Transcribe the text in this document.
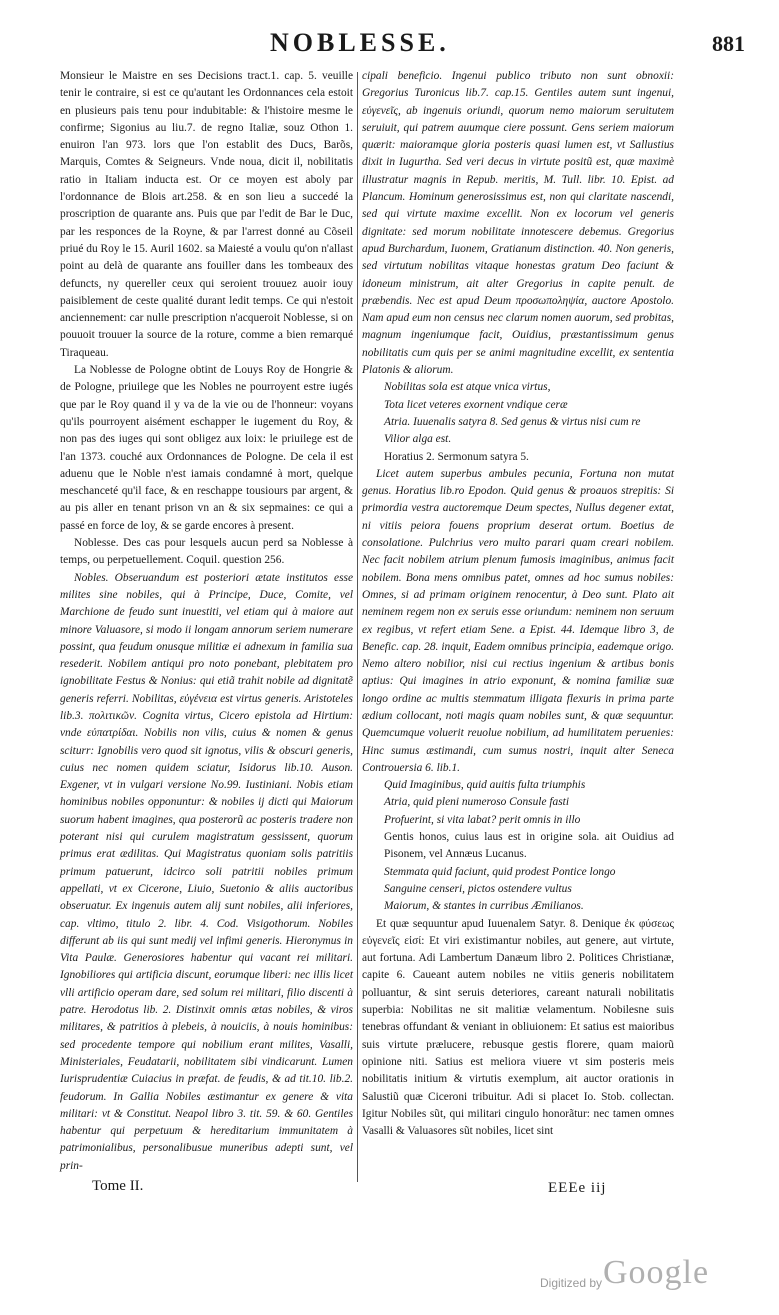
NOBLESSE.	881

Monsieur le Maistre en ses Decisions tract.1. cap. 5. veuille tenir le contraire, si est ce qu'autant les Ordonnances cela estoit en plusieurs pais tenu pour indubitable: & l'histoire mesme le confirme; Sigonius au liu.7. de regno Italiæ, souz Othon 1. enuiron l'an 973. lors que l'on establit des Ducs, Barõs, Marquis, Comtes & Seigneurs. Vnde noua, dicit il, nobilitatis ratio in Italiam inducta est. Or ce moyen est aboly par l'ordonnance de Blois art.258. & en son lieu a succedé la proscription de quarante ans. Puis que par l'edit de Bar le Duc, par les responces de la Royne, & par l'arrest donné au Cõseil priué du Roy le 15. Auril 1602. sa Maiesté a voulu qu'on n'allast point au delà de quarante ans fouiller dans les tombeaux des defuncts, ny quereller ceux qui seroient trouuez auoir iouy paisiblement de ceste qualité durant ledit temps. Ce qui n'estoit anciennement: car nulle prescription n'acqueroit Noblesse, si on pouuoit trouuer la source de la roture, comme a bien remarqué Tiraqueau.

La Noblesse de Pologne obtint de Louys Roy de Hongrie & de Pologne, priuilege que les Nobles ne pourroyent estre iugés que par le Roy quand il y va de la vie ou de l'honneur: voyans qu'ils pourroyent aisément eschapper le iugement du Roy, & non pas des iuges qui sont obligez aux loix: le priuilege est de l'an 1373. couché aux Ordonnances de Pologne. De cela il est aduenu que le Noble n'est iamais condamné à mort, quelque meschanceté qu'il face, & en reschappe tousiours par argent, & au pis aller en tenant prison vn an & six sepmaines: ce qui a passé en force de loy, & se garde encores à present.

Noblesse. Des cas pour lesquels aucun perd sa Noblesse à temps, ou perpetuellement. Coquil. question 256.

Nobles. Obseruandum est posteriori ætate institutos esse milites sine nobiles, qui à Principe, Duce, Comite, vel Marchione de feudo sunt inuestiti, vel etiam qui à maiore aut minore Valuasore, si modo ii longam annorum seriem numerare possint, qua feudum onusque militiæ ei adnexum in familia sua resederit. Nobilem antiqui pro noto ponebant, plebitatem pro ignobilitate Festus & Nonius: qui etiã trahit nobile ad dignitatẽ generis referri. Nobilitas, εὐγένεια est virtus generis. Aristoteles lib.3. πολιτικῶν. Cognita virtus, Cicero epistola ad Hirtium: vnde εὐπατρίδαι. Nobilis non vilis, cuius & nomen & genus sciturr: Ignobilis vero quod sit ignotus, vilis & obscuri generis, cuius nec nomen quidem sciatur, Isidorus lib.10. Auson. Exgener, vt in vulgari versione No.99. Iustiniani. Nobis etiam hominibus nobiles opponuntur: & nobiles ij dicti qui Maiorum suorum habent imagines, qua posterorũ ac posteris tradere non poterant nisi qui curulem magistratum gessissent, quorum primus erat ædilitas. Qui Magistratus quoniam solis patritiis primum patuerunt, idcirco soli patritii nobiles primum appellati, vt ex Cicerone, Liuio, Suetonio & aliis auctoribus obseruatur. Ex ingenuis autem alij sunt nobiles, alii inferiores, cap. vltimo, titulo 2. libr. 4. Cod. Visigothorum. Nobiles differunt ab iis qui sunt medij vel infimi generis. Hieronymus in Vita Paulæ. Generosiores habentur qui vacant rei militari. Ignobiliores qui artificia discunt, eorumque liberi: nec illis licet vlli artificio operam dare, sed solum rei militari, filio discenti à patre. Herodotus lib. 2. Distinxit omnis ætas nobiles, & viros militares, & patritios à plebeis, à nouiciis, à nouis hominibus: sed procedente tempore qui nobilium erant milites, Vasalli, Ministeriales, Feudatarii, nobilitatem sibi vindicarunt. Lumen Iurisprudentiæ Cuiacius in præfat. de feudis, & ad tit.10. lib.2. feudorum. In Gallia Nobiles æstimantur ex genere & vita militari: vt & Constitut. Neapol libro 3. tit. 59. & 60. Gentiles habentur qui perpetuum & hereditarium immunitatem à patrimonialibus, personalibusue muneribus adepti sunt, vel prin-

cipali beneficio. Ingenui publico tributo non sunt obnoxii: Gregorius Turonicus lib.7. cap.15. Gentiles autem sunt ingenui, εὐγενεῖς, ab ingenuis oriundi, quorum nemo maiorum seruitutem seruiuit, qui patrem auumque ciere possunt. Gens seriem maiorum quærit: maioramque gloria posteris quasi lumen est, vt Sallustius dixit in Iugurtha. Sed veri decus in virtute positũ est, quæ maximè illustratur magnis in Repub. meritis, M. Tull. libr. 10. Epist. ad Plancum. Hominum generosissimus est, non qui claritate nascendi, sed qui virtute maxime excellit. Non ex locorum vel generis dignitate: sed morum nobilitate innotescere debemus. Gregorius apud Burchardum, Iuonem, Gratianum distinction. 40. Non generis, sed virtutum nobilitas vitaque honestas gratum Deo faciunt & idoneum ministrum, ait alter Gregorius in capite penult. de præbendis. Nec est apud Deum προσωποληψία, auctore Apostolo. Nam apud eum non census nec clarum nomen auorum, sed probitas, magnum ingeniumque facit, Ouidius, præstantissimum genus nobilitatis cum quis per se animi magnitudine excellit, ex sententia Platonis & aliorum.

Nobilitas sola est atque vnica virtus,

Tota licet veteres exornent vndique ceræ

Atria. Iuuenalis satyra 8. Sed genus & virtus nisi cum re

Vilior alga est.

Horatius 2. Sermonum satyra 5.

Licet autem superbus ambules pecunia, Fortuna non mutat genus. Horatius lib.ro Epodon. Quid genus & proauos strepitis: Si primordia vestra auctoremque Deum spectes, Nullus degener extat, ni vitiis peiora fouens proprium deserat ortum. Boetius de consolatione. Pulchrius vero multo parari quam creari nobilem. Nec facit nobilem atrium plenum fumosis imaginibus, animus facit nobilem. Bona mens omnibus patet, omnes ad hoc sumus nobiles: Omnes, si ad primam originem renocentur, à Deo sunt. Plato ait neminem regem non ex seruis esse oriundum: neminem non seruum ex regibus, vt refert etiam Sene. a Epist. 44. Idemque libro 3, de Benefic. cap. 28. inquit, Eadem omnibus principia, eademque origo. Nemo altero nobilior, nisi cui rectius ingenium & artibus bonis aptius: Qui imagines in atrio exponunt, & nomina familiæ suæ longo ordine ac multis stemmatum illigata flexuris in prima parte ædium collocant, noti magis quam nobiles sunt, & quæ sequuntur. Quemcumque voluerit reuolue nobilium, ad humilitatem peruenies: Hinc sumus æstimandi, cum sumus nostri, inquit alter Seneca Controuersia 6. lib.1.

Quid Imaginibus, quid auitis fulta triumphis

Atria, quid pleni numeroso Consule fasti

Profuerint, si vita labat? perit omnis in illo

Gentis honos, cuius laus est in origine sola. ait Ouidius ad Pisonem, vel Annæus Lucanus.

Stemmata quid faciunt, quid prodest Pontice longo

Sanguine censeri, pictos ostendere vultus

Maiorum, & stantes in curribus Æmilianos.

Et quæ sequuntur apud Iuuenalem Satyr. 8. Denique ἐκ φύσεως εὐγενεῖς εἰσί: Et viri existimantur nobiles, aut genere, aut virtute, aut fortuna. Adi Lambertum Danæum libro 2. Politices Christianæ, capite 6. Caueant autem nobiles ne vitiis generis nobilitatem polluantur, & sint seruis deteriores, careant naturali nobilitatis superbia: Nobilitas ne sit malitiæ velamentum. Nobilesne suis tenebras offundant & veniant in obliuionem: Et satius est maioribus suis virtute prælucere, rebusque gestis florere, quam maiorũ opinione niti. Satius est meliora viuere vt sim posteris meis nobilitatis initium & virtutis exemplum, ait auctor orationis in Salustiũ quæ Ciceroni tribuitur. Adi si placet Io. Stob. collectan. Igitur Nobiles sũt, qui militari cingulo honorãtur: nec tamen omnes Vasalli & Valuasores sũt nobiles, licet sint

Tome II.	EEEe iij
Digitized by Google
